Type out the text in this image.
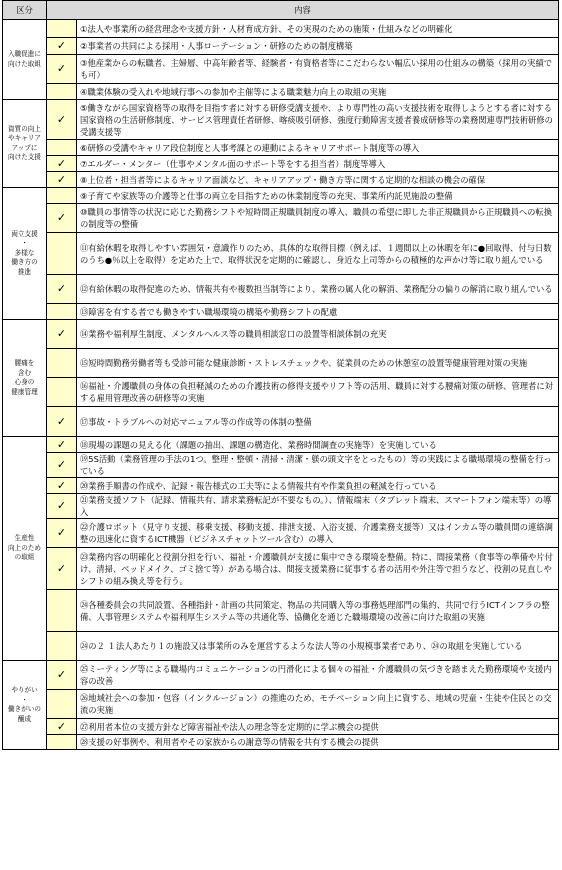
区分	内容	
入職促進に
向けた取組		①法人や事業所の経営理念や支援方針・人材育成方針、その実現のための施策・仕組みなどの明確化
	✓	②事業者の共同による採用・人事ローテーション・研修のための制度構築
	✓	③他産業からの転職者、主婦層、中高年齢者等、経験者・有資格者等にこだわらない幅広い採用の仕組みの構築（採用の実績でも可）
		④職業体験の受入れや地域行事への参加や主催等による職業魅力向上の取組の実施
資質の向上
やキャリア
アップに
向けた支援	✓	⑤働きながら国家資格等の取得を目指す者に対する研修受講支援や、より専門性の高い支援技術を取得しようとする者に対する国家資格の生活研修制度、サービス管理責任者研修、喀痰吸引研修、強度行動障害支援者養成研修等の業務関連専門技術研修の受講支援等
		⑥研修の受講やキャリア段位制度と人事考課との連動によるキャリアサポート制度等の導入
	✓	⑦エルダー・メンター（仕事やメンタル面のサポート等をする担当者）制度等導入
	✓	⑧上位者・担当者等によるキャリア面談など、キャリアアップ・働き方等に関する定期的な相談の機会の確保
両立支援
・
多様な
働き方の
推進		⑨子育てや家族等の介護等と仕事の両立を目指すための休業制度等の充実、事業所内託児施設の整備
	✓	⑩職員の事情等の状況に応じた勤務シフトや短時間正規職員制度の導入、職員の希望に即した非正規職員から正規職員への転換の制度等の整備
		⑪有給休暇を取得しやすい雰囲気・意識作りのため、具体的な取得目標（例えば、１週間以上の休暇を年に●回取得、付与日数のうち●％以上を取得）を定めた上で、取得状況を定期的に確認し、身近な上司等からの積極的な声かけ等に取り組んでいる
	✓	⑫有給休暇の取得促進のため、情報共有や複数担当制等により、業務の属人化の解消、業務配分の偏りの解消に取り組んでいる
		⑬障害を有する者でも働きやすい職場環境の構築や勤務シフトの配慮
腰痛を
含む
心身の
健康管理	✓	⑭業務や福利厚生制度、メンタルヘルス等の職員相談窓口の設置等相談体制の充実
		⑮短時間勤務労働者等も受診可能な健康診断・ストレスチェックや、従業員のための休憩室の設置等健康管理対策の実施
		⑯福祉・介護職員の身体の負担軽減のための介護技術の修得支援やリフト等の活用、職員に対する腰痛対策の研修、管理者に対する雇用管理改善の研修等の実施
	✓	⑰事故・トラブルへの対応マニュアル等の作成等の体制の整備
生産性
向上のため
の取組	✓	⑱現場の課題の見える化（課題の抽出、課題の構造化、業務時間調査の実施等）を実施している
	✓	⑲5S活動（業務管理の手法の1つ。整理・整頓・清掃・清潔・躾の頭文字をとったもの）等の実践による職場環境の整備を行っている
	✓	⑳業務手順書の作成や、記録・報告様式の工夫等による情報共有や作業負担の軽減を行っている
	✓	㉑業務支援ソフト（記録、情報共有、請求業務転記が不要なもの。）、情報端末（タブレット端末、スマートフォン端末等）の導入
	✓	㉒介護ロボット（見守り支援、移乗支援、移動支援、排泄支援、入浴支援、介護業務支援等）又はインカム等の職員間の連絡調整の迅速化に資するICT機器（ビジネスチャットツール含む）の導入
	✓	㉓業務内容の明確化と役割分担を行い、福祉・介護職員が支援に集中できる環境を整備。特に、間接業務（食事等の準備や片付け、清掃、ベッドメイク、ゴミ捨て等）がある場合は、間接支援業務に従事する者の活用や外注等で担うなど、役割の見直しやシフトの組み換え等を行う。
		㉔各種委員会の共同設置、各種指針・計画の共同策定、物品の共同購入等の事務処理部門の集約、共同で行うICTインフラの整備、人事管理システムや福利厚生システム等の共通化等、協働化を通じた職場環境の改善に向けた取組の実施
		㉔の２ １法人あたり１の施設又は事業所のみを運営するような法人等の小規模事業者であり、㉔の取組を実施している
やりがい
・
働きがいの
醸成	✓	㉕ミーティング等による職場内コミュニケーションの円滑化による個々の福祉・介護職員の気づきを踏まえた勤務環境や支援内容の改善
		㉖地域社会への参加・包容（インクルージョン）の推進のため、モチベーション向上に資する、地域の児童・生徒や住民との交流の実施
	✓	㉗利用者本位の支援方針など障害福祉や法人の理念等を定期的に学ぶ機会の提供
		㉘支援の好事例や、利用者やその家族からの謝意等の情報を共有する機会の提供
